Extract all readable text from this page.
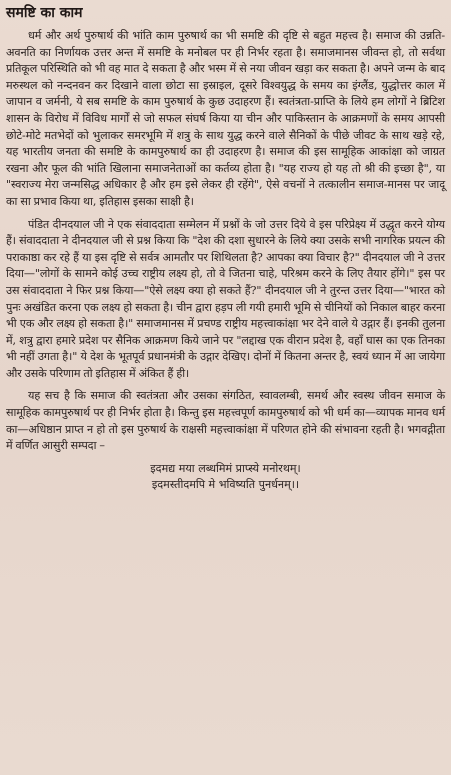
समष्टि का काम

धर्म और अर्थ पुरुषार्थ की भांति काम पुरुषार्थ का भी समष्टि की दृष्टि से बहुत महत्त्व है। समाज की उन्नति-अवनति का निर्णायक उत्तर अन्त में समष्टि के मनोबल पर ही निर्भर रहता है। समाजमानस जीवन्त हो, तो सर्वथा प्रतिकूल परिस्थिति को भी वह मात दे सकता है और भस्म में से नया जीवन खड़ा कर सकता है। अपने जन्म के बाद मरुस्थल को नन्दनवन कर दिखाने वाला छोटा सा इस्राइल, दूसरे विश्वयुद्ध के समय का इंग्लैंड, युद्धोत्तर काल में जापान व जर्मनी, ये सब समष्टि के काम पुरुषार्थ के कुछ उदाहरण हैं। स्वतंत्रता-प्राप्ति के लिये हम लोगों ने ब्रिटिश शासन के विरोध में विविध मार्गों से जो सफल संघर्ष किया या चीन और पाकिस्तान के आक्रमणों के समय आपसी छोटे-मोटे मतभेदों को भुलाकर समरभूमि में शत्रु के साथ युद्ध करने वाले सैनिकों के पीछे जीवट के साथ खड़े रहे, यह भारतीय जनता की समष्टि के कामपुरुषार्थ का ही उदाहरण है। समाज की इस सामूहिक आकांक्षा को जाग्रत रखना और फूल की भांति खिलाना समाजनेताओं का कर्तव्य होता है। "यह राज्य हो यह तो श्री की इच्छा है", या "स्वराज्य मेरा जन्मसिद्ध अधिकार है और हम इसे लेकर ही रहेंगे", ऐसे वचनों ने तत्कालीन समाज-मानस पर जादू का सा प्रभाव किया था, इतिहास इसका साक्षी है।

पंडित दीनदयाल जी ने एक संवाददाता सम्मेलन में प्रश्नों के जो उत्तर दिये वे इस परिप्रेक्ष्य में उद्धृत करने योग्य हैं। संवाददाता ने दीनदयाल जी से प्रश्न किया कि "देश की दशा सुधारने के लिये क्या उसके सभी नागरिक प्रयत्न की पराकाष्ठा कर रहे हैं या इस दृष्टि से सर्वत्र आमतौर पर शिथिलता है? आपका क्या विचार है?" दीनदयाल जी ने उत्तर दिया—"लोगों के सामने कोई उच्च राष्ट्रीय लक्ष्य हो, तो वे जितना चाहे, परिश्रम करने के लिए तैयार होंगे।" इस पर उस संवाददाता ने फिर प्रश्न किया—"ऐसे लक्ष्य क्या हो सकते हैं?" दीनदयाल जी ने तुरन्त उत्तर दिया—"भारत को पुनः अखंडित करना एक लक्ष्य हो सकता है। चीन द्वारा हड़प ली गयी हमारी भूमि से चीनियों को निकाल बाहर करना भी एक और लक्ष्य हो सकता है।" समाजमानस में प्रचण्ड राष्ट्रीय महत्त्वाकांक्षा भर देने वाले ये उद्गार हैं। इनकी तुलना में, शत्रु द्वारा हमारे प्रदेश पर सैनिक आक्रमण किये जाने पर "लद्दाख एक वीरान प्रदेश है, वहाँ घास का एक तिनका भी नहीं उगता है।" ये देश के भूतपूर्व प्रधानमंत्री के उद्गार देखिए। दोनों में कितना अन्तर है, स्वयं ध्यान में आ जायेगा और उसके परिणाम तो इतिहास में अंकित हैं ही।

यह सच है कि समाज की स्वतंत्रता और उसका संगठित, स्वावलम्बी, समर्थ और स्वस्थ जीवन समाज के सामूहिक कामपुरुषार्थ पर ही निर्भर होता है। किन्तु इस महत्त्वपूर्ण कामपुरुषार्थ को भी धर्म का—व्यापक मानव धर्म का—अधिष्ठान प्राप्त न हो तो इस पुरुषार्थ के राक्षसी महत्त्वाकांक्षा में परिणत होने की संभावना रहती है। भगवद्गीता में वर्णित आसुरी सम्पदा –

इदमद्य मया लब्धमिमं प्राप्स्ये मनोरथम्।
इदमस्तीदमपि मे भविष्यति पुनर्धनम्।।
